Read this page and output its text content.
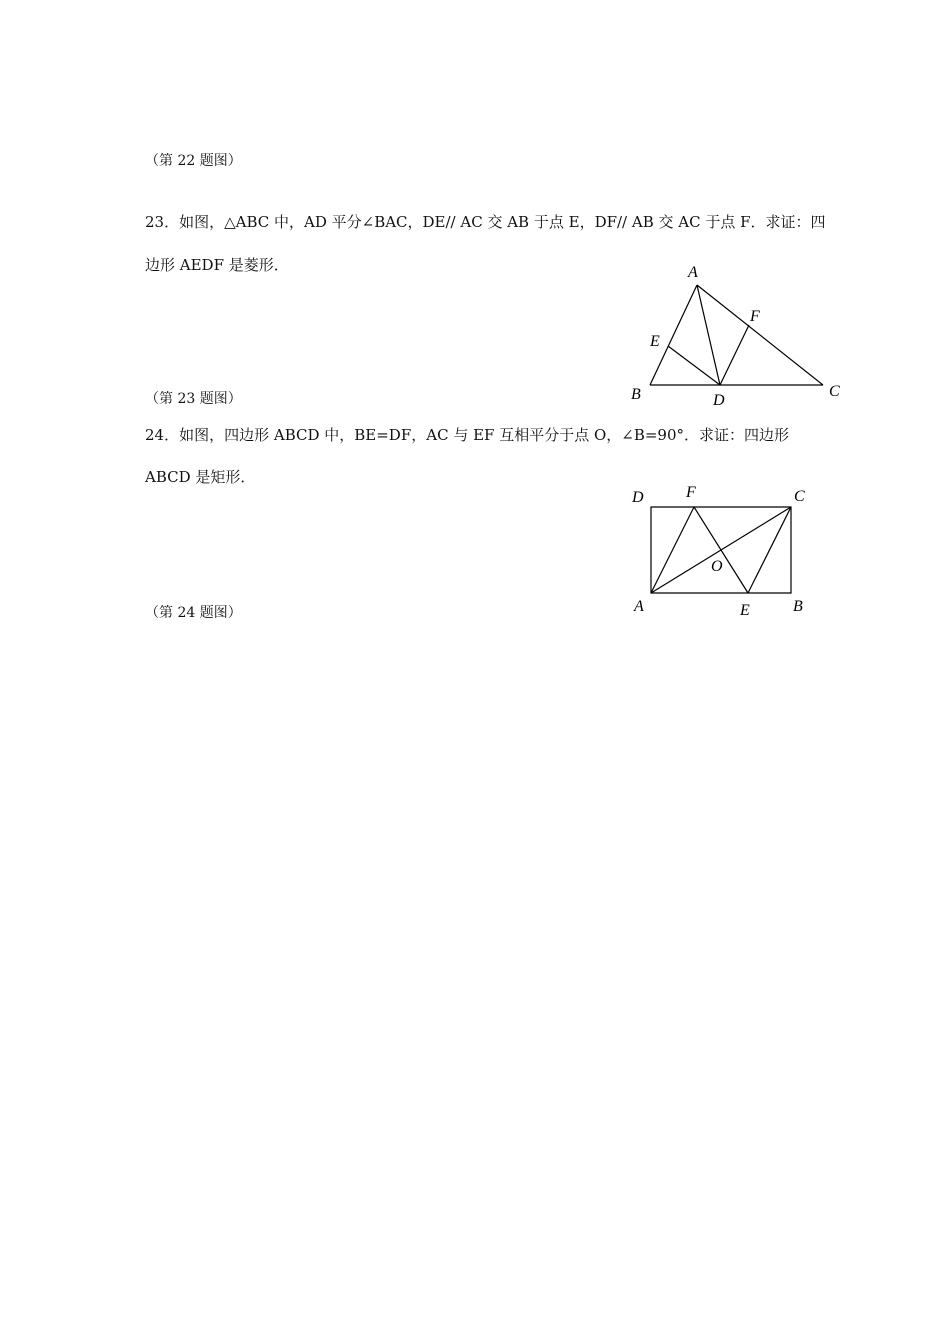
（第 22 题图）
23．如图，△ABC 中，AD 平分∠BAC，DE// AC 交 AB 于点 E，DF// AB 交 AC 于点 F．求证：四
边形 AEDF 是菱形．	A
B	C
D
E
F
（第 23 题图）
24．如图，四边形 ABCD 中，BE=DF，AC 与 EF 互相平分于点 O，∠B=90°．求证：四边形
ABCD 是矩形．
D	F	C
O
A	E	B
（第 24 题图）
